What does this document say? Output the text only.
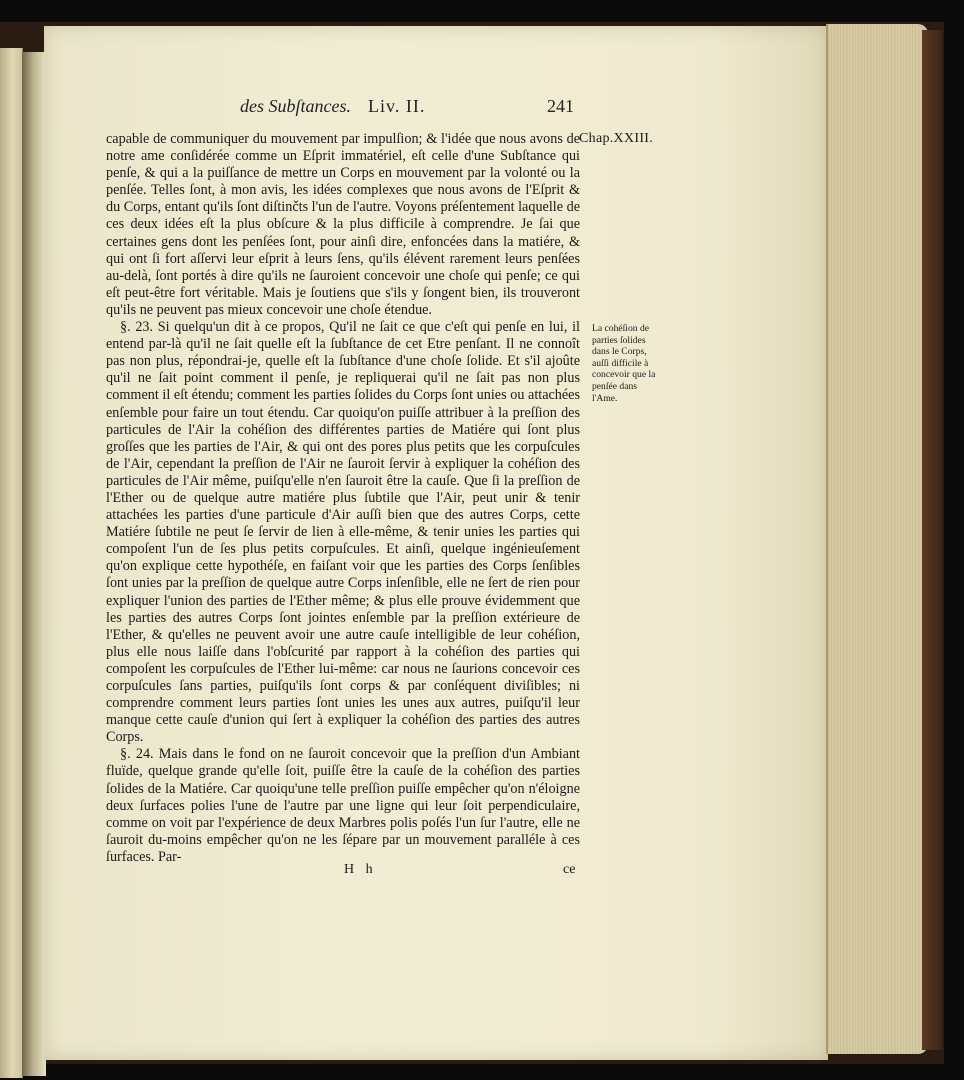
des Subſtances. Liv. II.	241
Chap.XXIII.

capable de communiquer du mouvement par impulſion; & l'idée que nous avons de notre ame conſidérée comme un Eſprit immatériel, eſt celle d'une Subſtance qui penſe, & qui a la puiſſance de mettre un Corps en mouvement par la volonté ou la penſée. Telles ſont, à mon avis, les idées complexes que nous avons de l'Eſprit & du Corps, entant qu'ils ſont diſtinčts l'un de l'autre. Voyons préſentement laquelle de ces deux idées eſt la plus obſcure & la plus difficile à comprendre. Je ſai que certaines gens dont les penſées ſont, pour ainſi dire, enfoncées dans la matiére, & qui ont ſi fort aſſervi leur eſprit à leurs ſens, qu'ils élévent rarement leurs penſées au-delà, ſont portés à dire qu'ils ne ſauroient concevoir une choſe qui penſe; ce qui eſt peut-être fort véritable. Mais je ſoutiens que s'ils y ſongent bien, ils trouveront qu'ils ne peuvent pas mieux concevoir une choſe étendue.

§. 23. Si quelqu'un dit à ce propos, Qu'il ne ſait ce que c'eſt qui penſe en lui, il entend par-là qu'il ne ſait quelle eſt la ſubſtance de cet Etre penſant. Il ne connoît pas non plus, répondrai-je, quelle eſt la ſubſtance d'une choſe ſolide. Et s'il ajoûte qu'il ne ſait point comment il penſe, je repliquerai qu'il ne ſait pas non plus comment il eſt étendu; comment les parties ſolides du Corps ſont unies ou attachées enſemble pour faire un tout étendu. Car quoiqu'on puiſſe attribuer à la preſſion des particules de l'Air la cohéſion des différentes parties de Matiére qui ſont plus groſſes que les parties de l'Air, & qui ont des pores plus petits que les corpuſcules de l'Air, cependant la preſſion de l'Air ne ſauroit ſervir à expliquer la cohéſion des particules de l'Air même, puiſqu'elle n'en ſauroit être la cauſe. Que ſi la preſſion de l'Ether ou de quelque autre matiére plus ſubtile que l'Air, peut unir & tenir attachées les parties d'une particule d'Air auſſi bien que des autres Corps, cette Matiére ſubtile ne peut ſe ſervir de lien à elle-même, & tenir unies les parties qui compoſent l'un de ſes plus petits corpuſcules. Et ainſi, quelque ingénieuſement qu'on explique cette hypothéſe, en faiſant voir que les parties des Corps ſenſibles ſont unies par la preſſion de quelque autre Corps inſenſible, elle ne ſert de rien pour expliquer l'union des parties de l'Ether même; & plus elle prouve évidemment que les parties des autres Corps ſont jointes enſemble par la preſſion extérieure de l'Ether, & qu'elles ne peuvent avoir une autre cauſe intelligible de leur cohéſion, plus elle nous laiſſe dans l'obſcurité par rapport à la cohéſion des parties qui compoſent les corpuſcules de l'Ether lui-même: car nous ne ſaurions concevoir ces corpuſcules ſans parties, puiſqu'ils ſont corps & par conſéquent diviſibles; ni comprendre comment leurs parties ſont unies les unes aux autres, puiſqu'il leur manque cette cauſe d'union qui ſert à expliquer la cohéſion des parties des autres Corps.

§. 24. Mais dans le fond on ne ſauroit concevoir que la preſſion d'un Ambiant fluïde, quelque grande qu'elle ſoit, puiſſe être la cauſe de la cohéſion des parties ſolides de la Matiére. Car quoiqu'une telle preſſion puiſſe empêcher qu'on n'éloigne deux ſurfaces polies l'une de l'autre par une ligne qui leur ſoit perpendiculaire, comme on voit par l'expérience de deux Marbres polis poſés l'un ſur l'autre, elle ne ſauroit du-moins empêcher qu'on ne les ſépare par un mouvement paralléle à ces ſurfaces. Par-

La cohéſion de parties ſolides dans le Corps, auſſi difficile à concevoir que la penſée dans l'Ame.
H h	ce
